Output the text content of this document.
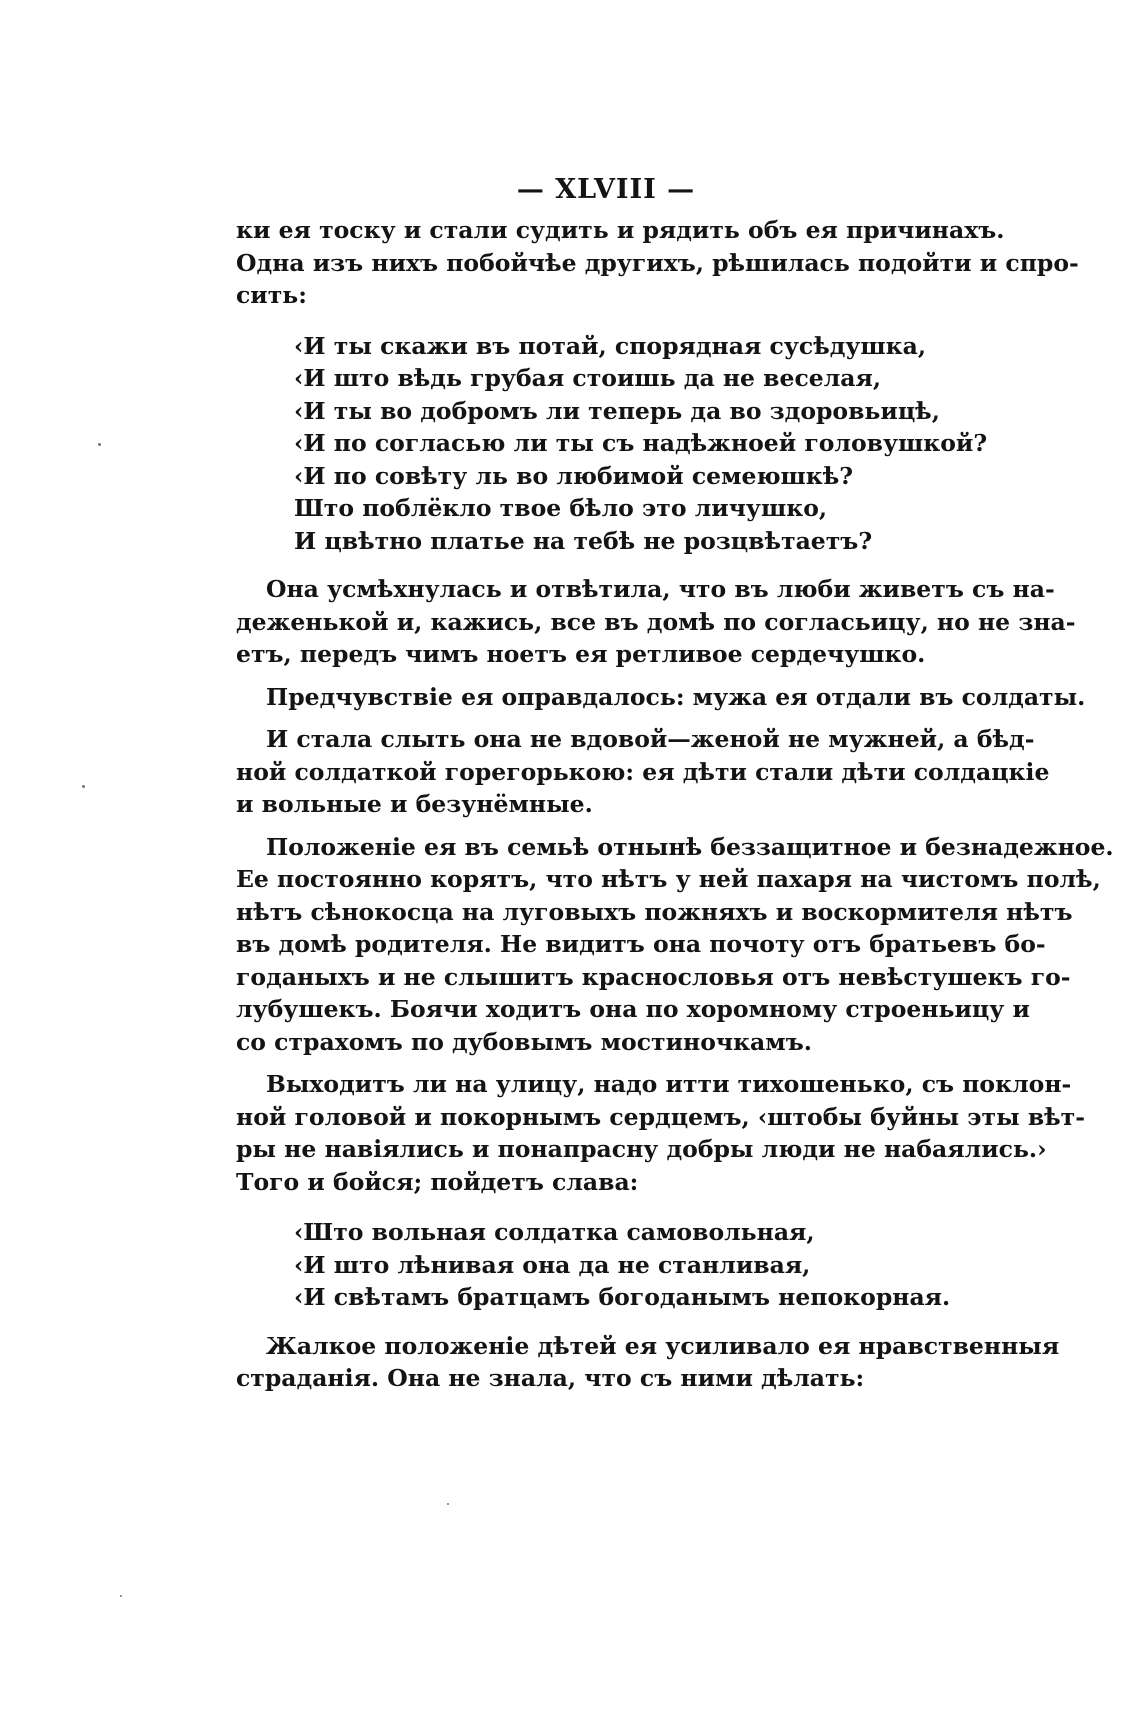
— XLVIII —
ки ея тоску и стали судить и рядить объ ея причинахъ.
Одна изъ нихъ побойчѣе другихъ, рѣшилась подойти и спро-
сить:
‹И ты скажи въ потай, спорядная сусѣдушка,
‹И што вѣдь грубая стоишь да не веселая,
‹И ты во добромъ ли теперь да во здоровьицѣ,
‹И по согласью ли ты съ надѣжноей головушкой?
‹И по совѣту ль во любимой семеюшкѣ?
Што поблёкло твое бѣло это личушко,
И цвѣтно платье на тебѣ не розцвѣтаетъ?
Она усмѣхнулась и отвѣтила, что въ люби живетъ съ на-
деженькой и, кажись, все въ домѣ по согласьицу, но не зна-
етъ, передъ чимъ ноетъ ея ретливое сердечушко.
Предчувствіе ея оправдалось: мужа ея отдали въ солдаты.
И стала слыть она не вдовой—женой не мужней, а бѣд-
ной солдаткой горегорькою: ея дѣти стали дѣти солдацкіе
и вольные и безунёмные.
Положеніе ея въ семьѣ отнынѣ беззащитное и безнадежное.
Ее постоянно корятъ, что нѣтъ у ней пахаря на чистомъ полѣ,
нѣтъ сѣнокосца на луговыхъ пожняхъ и воскормителя нѣтъ
въ домѣ родителя. Не видитъ она почоту отъ братьевъ бо-
годаныхъ и не слышитъ краснословья отъ невѣстушекъ го-
лубушекъ. Боячи ходитъ она по хоромному строеньицу и
со страхомъ по дубовымъ мостиночкамъ.
Выходитъ ли на улицу, надо итти тихошенько, съ поклон-
ной головой и покорнымъ сердцемъ, ‹штобы буйны эты вѣт-
ры не навіялись и понапрасну добры люди не набаялись.›
Того и бойся; пойдетъ слава:
‹Што вольная солдатка самовольная,
‹И што лѣнивая она да не станливая,
‹И свѣтамъ братцамъ богоданымъ непокорная.
Жалкое положеніе дѣтей ея усиливало ея нравственныя
страданія. Она не знала, что съ ними дѣлать:
